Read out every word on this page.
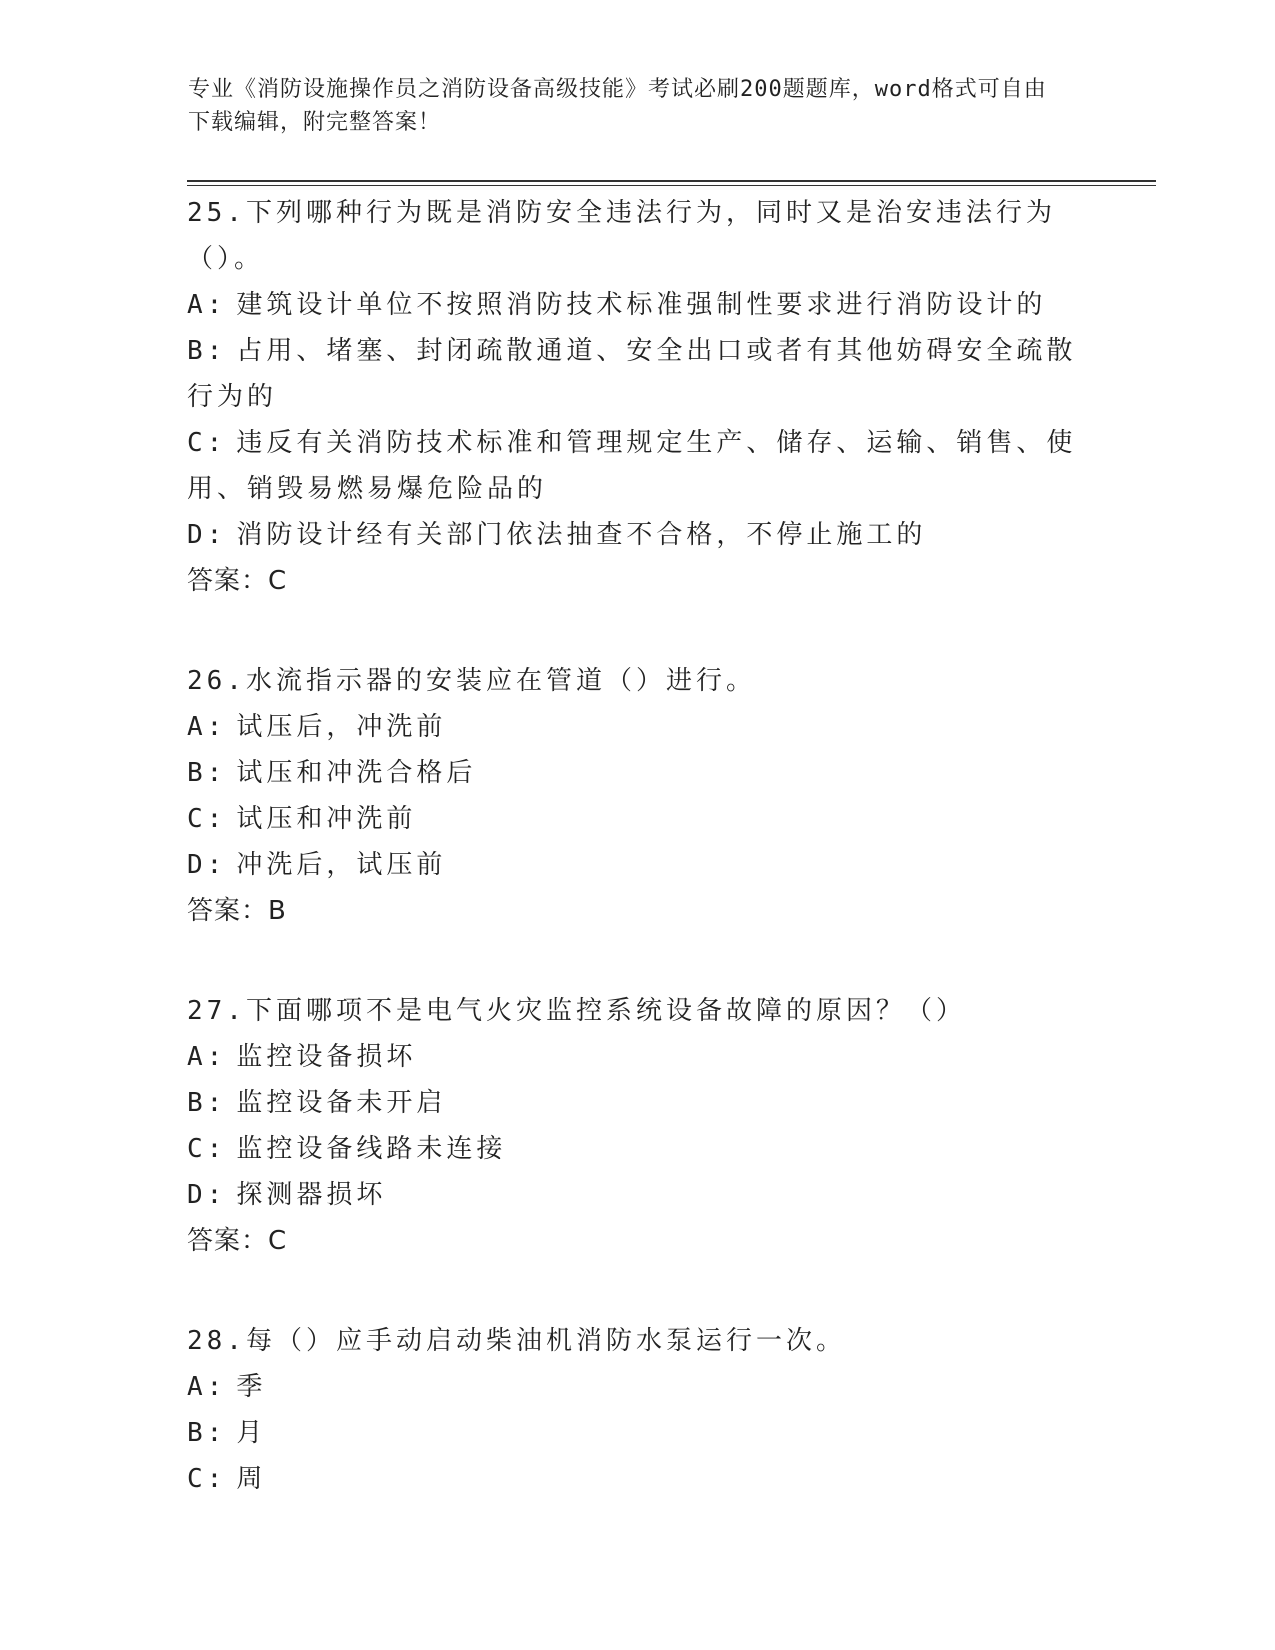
专业《消防设施操作员之消防设备高级技能》考试必刷200题题库，word格式可自由下载编辑，附完整答案！
25.下列哪种行为既是消防安全违法行为，同时又是治安违法行为（）。
A: 建筑设计单位不按照消防技术标准强制性要求进行消防设计的
B: 占用、堵塞、封闭疏散通道、安全出口或者有其他妨碍安全疏散行为的
C: 违反有关消防技术标准和管理规定生产、储存、运输、销售、使用、销毁易燃易爆危险品的
D: 消防设计经有关部门依法抽查不合格，不停止施工的
答案：C
26.水流指示器的安装应在管道（）进行。
A: 试压后，冲洗前
B: 试压和冲洗合格后
C: 试压和冲洗前
D: 冲洗后，试压前
答案：B
27.下面哪项不是电气火灾监控系统设备故障的原因？（）
A: 监控设备损坏
B: 监控设备未开启
C: 监控设备线路未连接
D: 探测器损坏
答案：C
28.每（）应手动启动柴油机消防水泵运行一次。
A: 季
B: 月
C: 周
